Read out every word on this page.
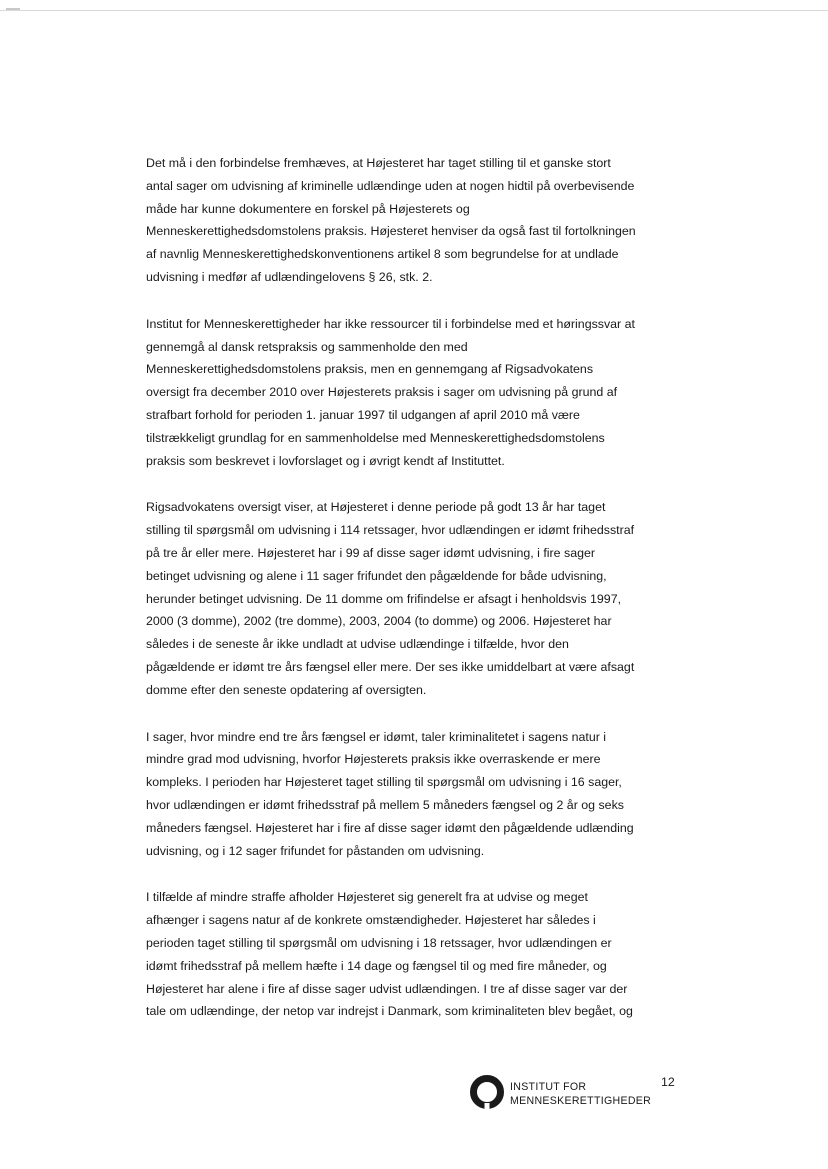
Det må i den forbindelse fremhæves, at Højesteret har taget stilling til et ganske stort
antal sager om udvisning af kriminelle udlændinge uden at nogen hidtil på overbevisende
måde har kunne dokumentere en forskel på Højesterets og
Menneskerettighedsdomstolens praksis. Højesteret henviser da også fast til fortolkningen
af navnlig Menneskerettighedskonventionens artikel 8 som begrundelse for at undlade
udvisning i medfør af udlændingelovens § 26, stk. 2.

Institut for Menneskerettigheder har ikke ressourcer til i forbindelse med et høringssvar at
gennemgå al dansk retspraksis og sammenholde den med
Menneskerettighedsdomstolens praksis, men en gennemgang af Rigsadvokatens
oversigt fra december 2010 over Højesterets praksis i sager om udvisning på grund af
strafbart forhold for perioden 1. januar 1997 til udgangen af april 2010 må være
tilstrækkeligt grundlag for en sammenholdelse med Menneskerettighedsdomstolens
praksis som beskrevet i lovforslaget og i øvrigt kendt af Instituttet.

Rigsadvokatens oversigt viser, at Højesteret i denne periode på godt 13 år har taget
stilling til spørgsmål om udvisning i 114 retssager, hvor udlændingen er idømt frihedsstraf
på tre år eller mere. Højesteret har i 99 af disse sager idømt udvisning, i fire sager
betinget udvisning og alene i 11 sager frifundet den pågældende for både udvisning,
herunder betinget udvisning. De 11 domme om frifindelse er afsagt i henholdsvis 1997,
2000 (3 domme), 2002 (tre domme), 2003, 2004 (to domme) og 2006. Højesteret har
således i de seneste år ikke undladt at udvise udlændinge i tilfælde, hvor den
pågældende er idømt tre års fængsel eller mere. Der ses ikke umiddelbart at være afsagt
domme efter den seneste opdatering af oversigten.

I sager, hvor mindre end tre års fængsel er idømt, taler kriminalitetet i sagens natur i
mindre grad mod udvisning, hvorfor Højesterets praksis ikke overraskende er mere
kompleks. I perioden har Højesteret taget stilling til spørgsmål om udvisning i 16 sager,
hvor udlændingen er idømt frihedsstraf på mellem 5 måneders fængsel og 2 år og seks
måneders fængsel. Højesteret har i fire af disse sager idømt den pågældende udlænding
udvisning, og i 12 sager frifundet for påstanden om udvisning.

I tilfælde af mindre straffe afholder Højesteret sig generelt fra at udvise og meget
afhænger i sagens natur af de konkrete omstændigheder. Højesteret har således i
perioden taget stilling til spørgsmål om udvisning i 18 retssager, hvor udlændingen er
idømt frihedsstraf på mellem hæfte i 14 dage og fængsel til og med fire måneder, og
Højesteret har alene i fire af disse sager udvist udlændingen. I tre af disse sager var der
tale om udlændinge, der netop var indrejst i Danmark, som kriminaliteten blev begået, og

INSTITUT FOR
MENNESKERETTIGHEDER
12
